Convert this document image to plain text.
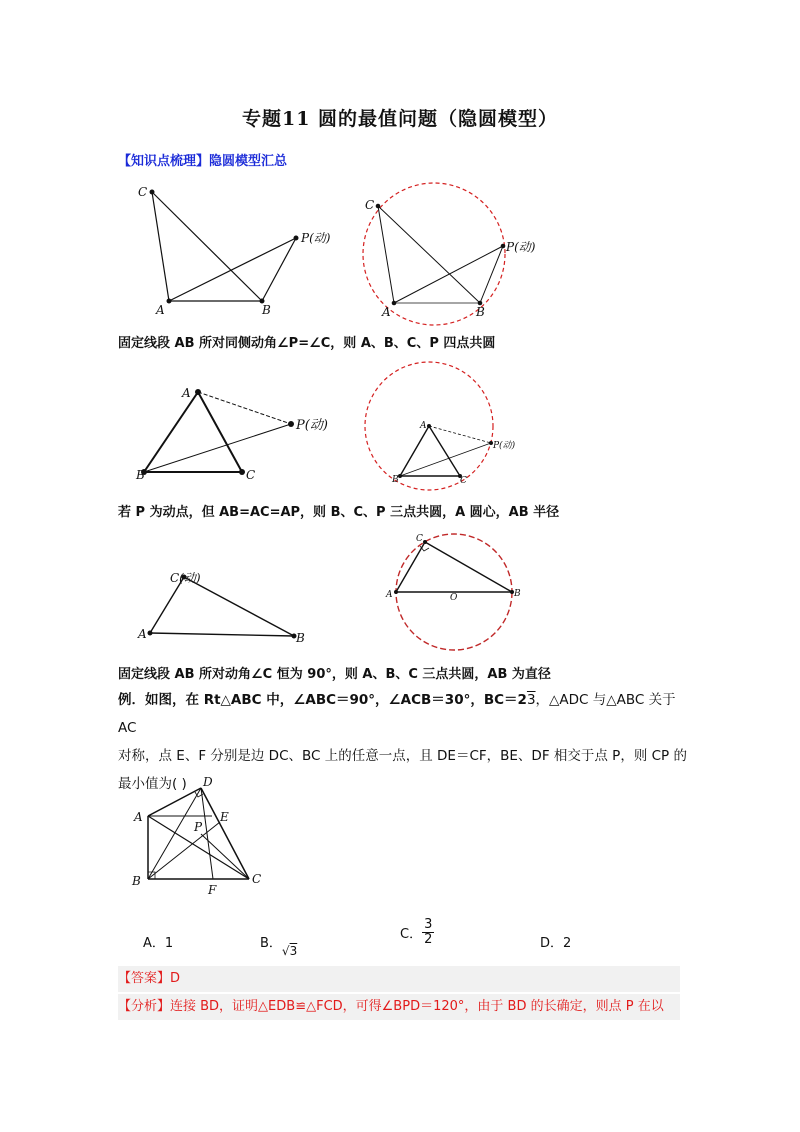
专题11 圆的最值问题（隐圆模型）
【知识点梳理】隐圆模型汇总
C
A	B
P(动)
C
A	B
P(动)
固定线段 AB 所对同侧动角∠P=∠C，则 A、B、C、P 四点共圆
A
B	C
P(动)	A
B	C
P(动)
若 P 为动点，但 AB=AC=AP，则 B、C、P 三点共圆，A 圆心，AB 半径
C(动)
A	B
C
A	B
O
固定线段 AB 所对动角∠C 恒为 90°，则 A、B、C 三点共圆，AB 为直径
例．如图，在 Rt△ABC 中，∠ABC＝90°，∠ACB＝30°，BC＝23，△ADC 与△ABC 关于 AC
对称，点 E、F 分别是边 DC、BC 上的任意一点，且 DE＝CF，BE、DF 相交于点 P，则 CP 的
最小值为( )
A
B	C
D
E
F
P
A．1	B．√3
C． $\frac{3}{2}$	D．2
【答案】D
【分析】连接 BD，证明△EDB≌△FCD，可得∠BPD＝120°，由于 BD 的长确定，则点 P 在以
